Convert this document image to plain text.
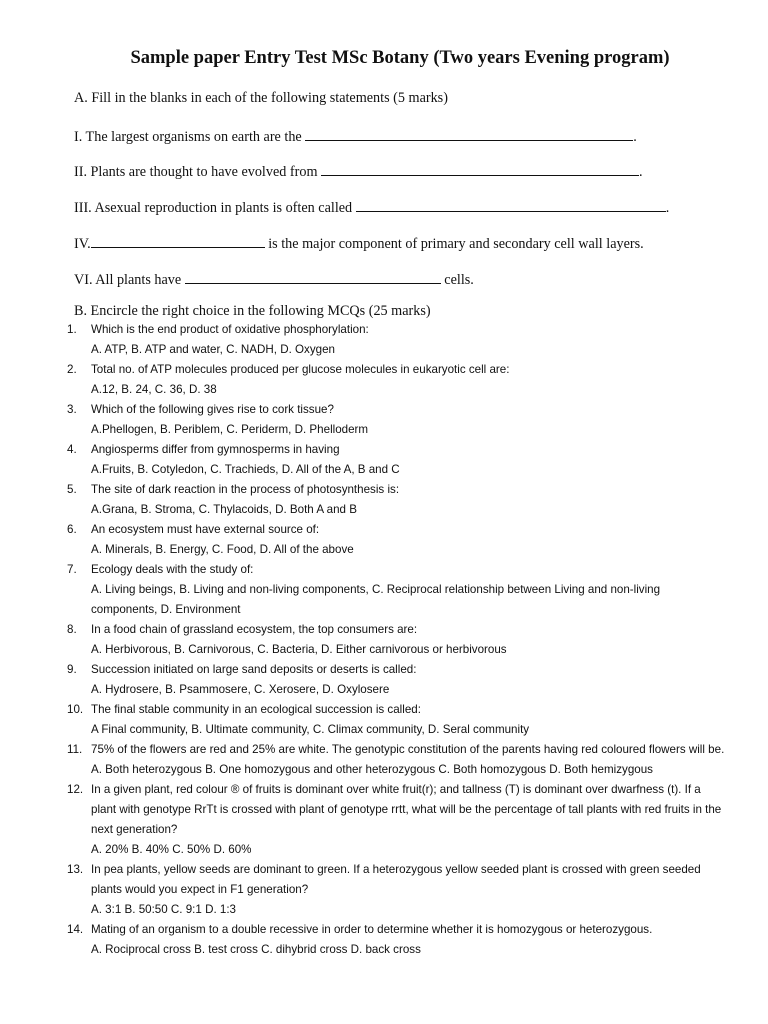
Sample paper Entry Test MSc Botany (Two years Evening program)
A. Fill in the blanks in each of the following statements (5 marks)
I. The largest organisms on earth are the	.
II. Plants are thought to have evolved from	.
III. Asexual reproduction in plants is often called	.
IV.	is the major component of primary and secondary cell wall layers.
VI. All plants have	cells.
B. Encircle the right choice in the following MCQs (25 marks)
1. Which is the end product of oxidative phosphorylation:
A. ATP, B. ATP and water, C. NADH, D. Oxygen
2. Total no. of ATP molecules produced per glucose molecules in eukaryotic cell are:
A.12, B. 24, C. 36, D. 38
3. Which of the following gives rise to cork tissue?
A.Phellogen, B. Periblem, C. Periderm, D. Phelloderm
4. Angiosperms differ from gymnosperms in having
A.Fruits, B. Cotyledon, C. Trachieds, D. All of the A, B and C
5. The site of dark reaction in the process of photosynthesis is:
A.Grana, B. Stroma, C. Thylacoids, D. Both A and B
6. An ecosystem must have external source of:
A. Minerals, B. Energy, C. Food, D. All of the above
7. Ecology deals with the study of:
A. Living beings, B. Living and non-living components, C. Reciprocal relationship between Living and non-living components, D. Environment
8. In a food chain of grassland ecosystem, the top consumers are:
A. Herbivorous, B. Carnivorous, C. Bacteria, D. Either carnivorous or herbivorous
9. Succession initiated on large sand deposits or deserts is called:
A. Hydrosere, B. Psammosere, C. Xerosere, D. Oxylosere
10. The final stable community in an ecological succession is called:
A Final community, B. Ultimate community, C. Climax community, D. Seral community
11. 75% of the flowers are red and 25% are white. The genotypic constitution of the parents having red coloured flowers will be.
A. Both heterozygous B. One homozygous and other heterozygous C. Both homozygous D. Both hemizygous
12. In a given plant, red colour ® of fruits is dominant over white fruit(r); and tallness (T) is dominant over dwarfness (t). If a plant with genotype RrTt is crossed with plant of genotype rrtt, what will be the percentage of tall plants with red fruits in the next generation?
A. 20% B. 40% C. 50% D. 60%
13. In pea plants, yellow seeds are dominant to green. If a heterozygous yellow seeded plant is crossed with green seeded plants would you expect in F1 generation?
A. 3:1 B. 50:50 C. 9:1 D. 1:3
14. Mating of an organism to a double recessive in order to determine whether it is homozygous or heterozygous.
A. Rociprocal cross B. test cross C. dihybrid cross D. back cross
